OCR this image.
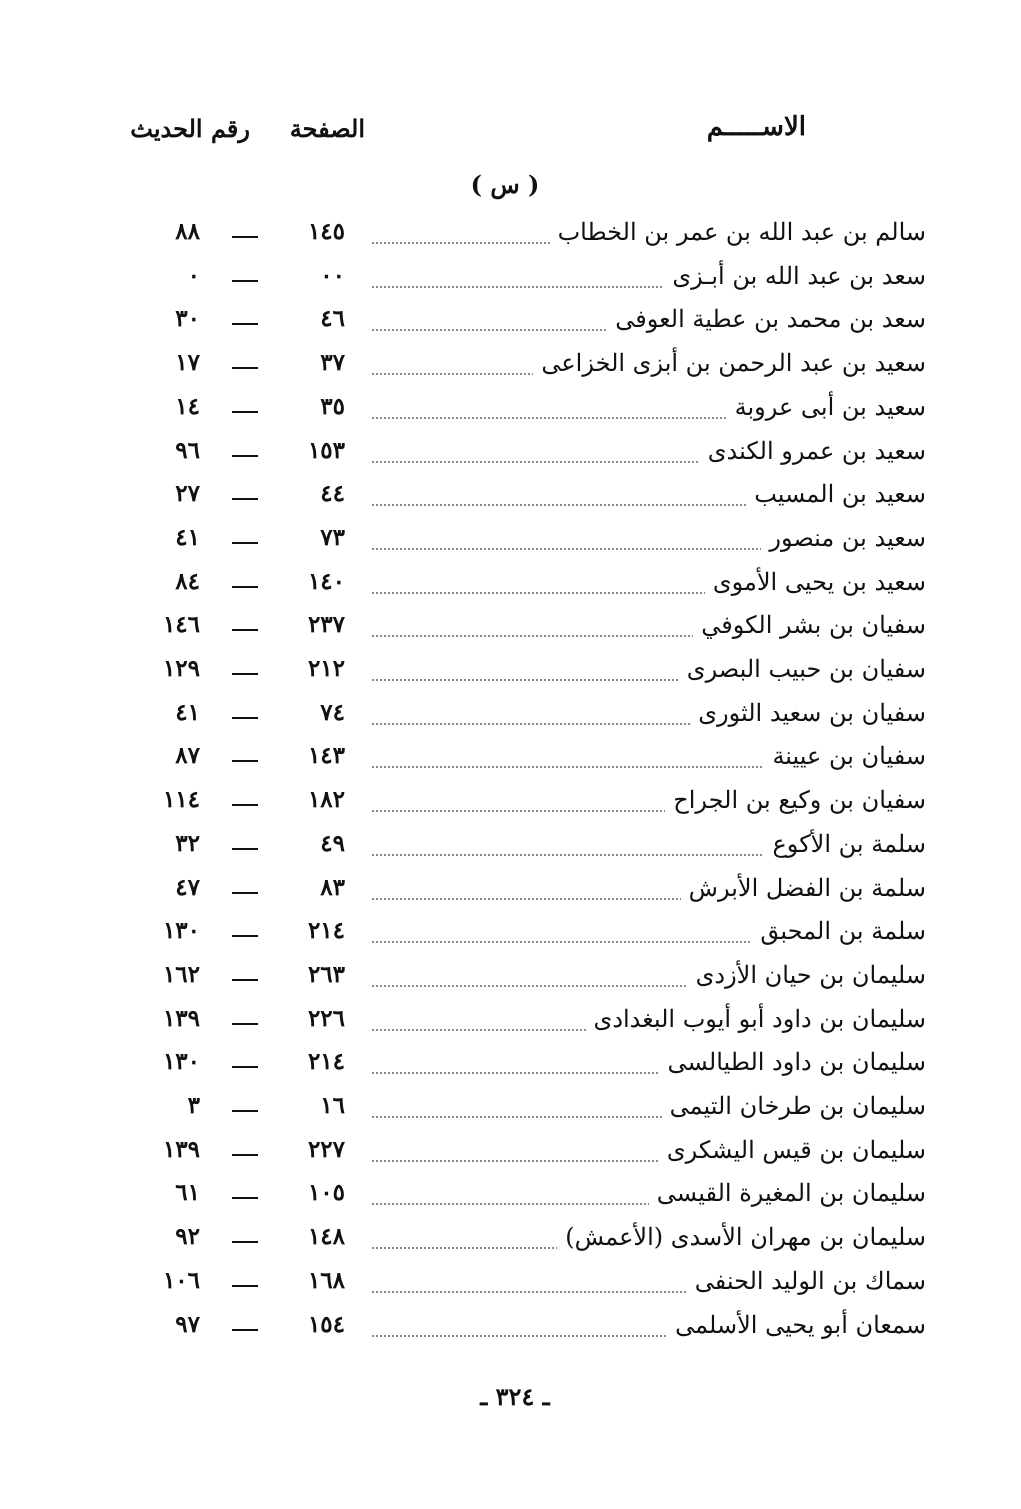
الاســـــم
الصفحة
رقم الحديث
( س )
سالم بن عبد الله بن عمر بن الخطاب
١٤٥
٨٨
سعد بن عبد الله بن أبـزى
٠٠
٠
سعد بن محمد بن عطية العوفى
٤٦
٣٠
سعيد بن عبد الرحمن بن أبزى الخزاعى
٣٧
١٧
سعيد بن أبى عروبة
٣٥
١٤
سعيد بن عمرو الكندى
١٥٣
٩٦
سعيد بن المسيب
٤٤
٢٧
سعيد بن منصور
٧٣
٤١
سعيد بن يحيى الأموى
١٤٠
٨٤
سفيان بن بشر الكوفي
٢٣٧
١٤٦
سفيان بن حبيب البصرى
٢١٢
١٢٩
سفيان بن سعيد الثورى
٧٤
٤١
سفيان بن عيينة
١٤٣
٨٧
سفيان بن وكيع بن الجراح
١٨٢
١١٤
سلمة بن الأكوع
٤٩
٣٢
سلمة بن الفضل الأبرش
٨٣
٤٧
سلمة بن المحبق
٢١٤
١٣٠
سليمان بن حيان الأزدى
٢٦٣
١٦٢
سليمان بن داود أبو أيوب البغدادى
٢٢٦
١٣٩
سليمان بن داود الطيالسى
٢١٤
١٣٠
سليمان بن طرخان التيمى
١٦
٣
سليمان بن قيس اليشكرى
٢٢٧
١٣٩
سليمان بن المغيرة القيسى
١٠٥
٦١
سليمان بن مهران الأسدى (الأعمش)
١٤٨
٩٢
سماك بن الوليد الحنفى
١٦٨
١٠٦
سمعان أبو يحيى الأسلمى
١٥٤
٩٧
ـ ٣٢٤ ـ
